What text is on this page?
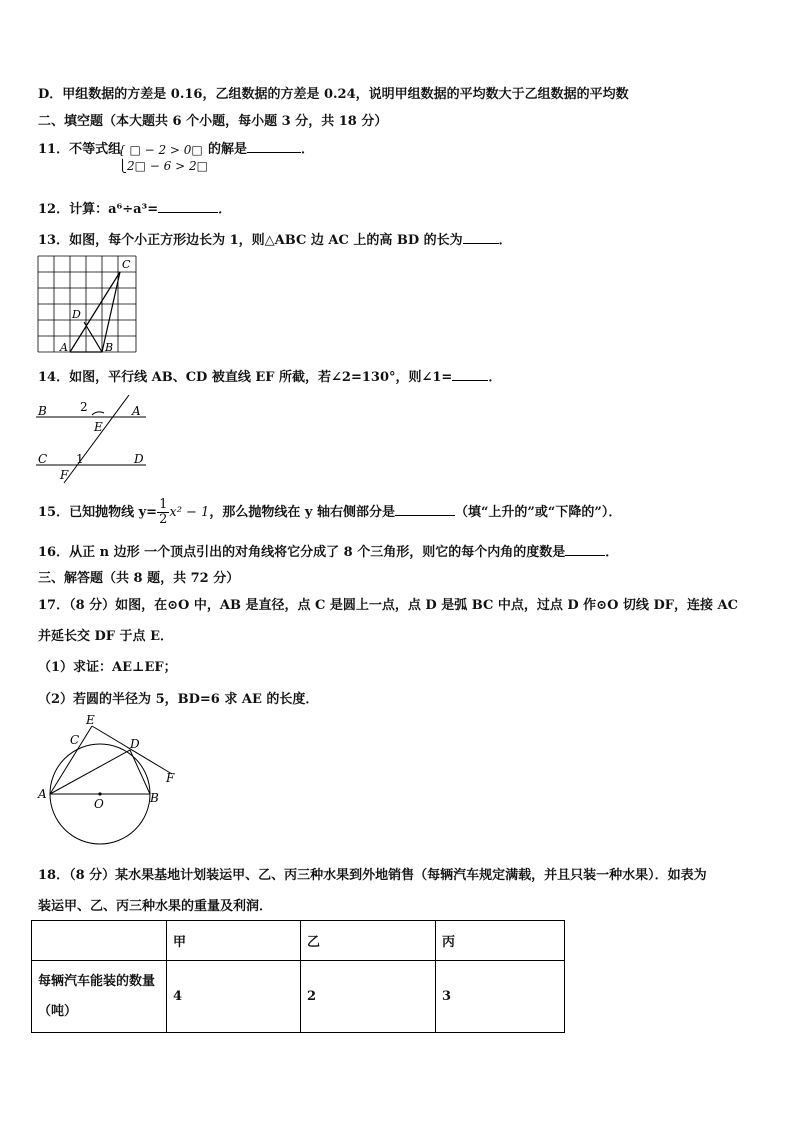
D．甲组数据的方差是 0.16，乙组数据的方差是 0.24，说明甲组数据的平均数大于乙组数据的平均数
二、填空题（本大题共 6 个小题，每小题 3 分，共 18 分）
11．不等式组
{ □ − 2 > 0□
⎩2□ − 6 > 2□
的解是	．
12．计算：a⁶÷a³=	．
13．如图，每个小正方形边长为 1，则△ABC 边 AC 上的高 BD 的长为	．
C
D
A	B
14．如图，平行线 AB、CD 被直线 EF 所截，若∠2=130°，则∠1=	．
B	A
2
E
C 1	D
F
15．已知抛物线 $y= \frac{1}{2} x^2 - 1$，那么抛物线在 y 轴右侧部分是	（填“上升的”或“下降的”）．
16．从正 n 边形 一个顶点引出的对角线将它分成了 8 个三角形，则它的每个内角的度数是	．
三、解答题（共 8 题，共 72 分）
17．（8 分）如图，在⊙O 中，AB 是直径，点 C 是圆上一点，点 D 是弧 BC 中点，过点 D 作⊙O 切线 DF，连接 AC
并延长交 DF 于点 E．
（1）求证：AE⊥EF；
（2）若圆的半径为 5，BD=6 求 AE 的长度．
E
C	D
F
A
O	B
18．（8 分）某水果基地计划装运甲、乙、丙三种水果到外地销售（每辆汽车规定满载，并且只装一种水果）．如表为
装运甲、乙、丙三种水果的重量及利润．
	甲	乙	丙
每辆汽车能装的数量（吨）	4	2	3
